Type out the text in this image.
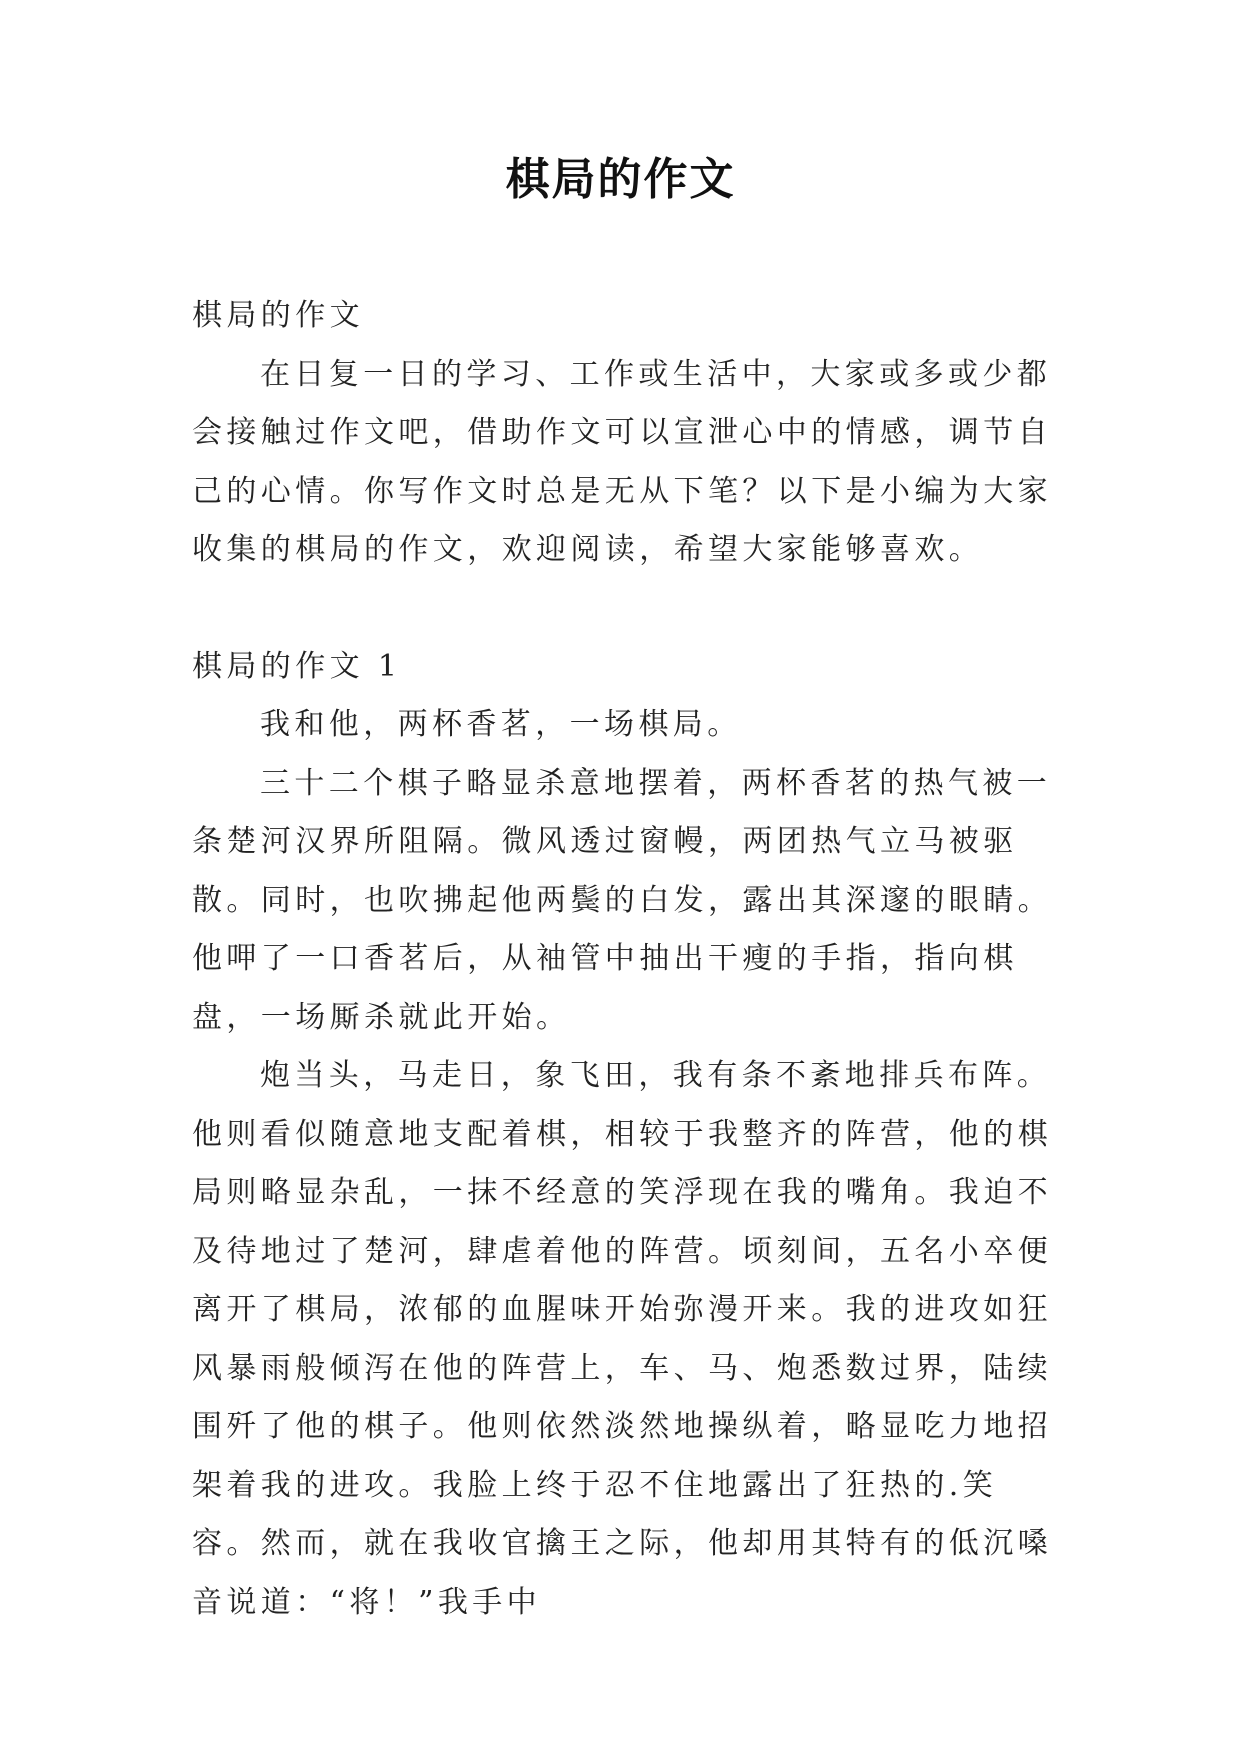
棋局的作文

棋局的作文

在日复一日的学习、工作或生活中，大家或多或少都会接触过作文吧，借助作文可以宣泄心中的情感，调节自己的心情。你写作文时总是无从下笔？以下是小编为大家收集的棋局的作文，欢迎阅读，希望大家能够喜欢。

棋局的作文 1

我和他，两杯香茗，一场棋局。

三十二个棋子略显杀意地摆着，两杯香茗的热气被一条楚河汉界所阻隔。微风透过窗幔，两团热气立马被驱散。同时，也吹拂起他两鬓的白发，露出其深邃的眼睛。他呷了一口香茗后，从袖管中抽出干瘦的手指，指向棋盘，一场厮杀就此开始。

炮当头，马走日，象飞田，我有条不紊地排兵布阵。他则看似随意地支配着棋，相较于我整齐的阵营，他的棋局则略显杂乱，一抹不经意的笑浮现在我的嘴角。我迫不及待地过了楚河，肆虐着他的阵营。顷刻间，五名小卒便离开了棋局，浓郁的血腥味开始弥漫开来。我的进攻如狂风暴雨般倾泻在他的阵营上，车、马、炮悉数过界，陆续围歼了他的棋子。他则依然淡然地操纵着，略显吃力地招架着我的进攻。我脸上终于忍不住地露出了狂热的.笑容。然而，就在我收官擒王之际，他却用其特有的低沉嗓音说道：“将！”我手中
